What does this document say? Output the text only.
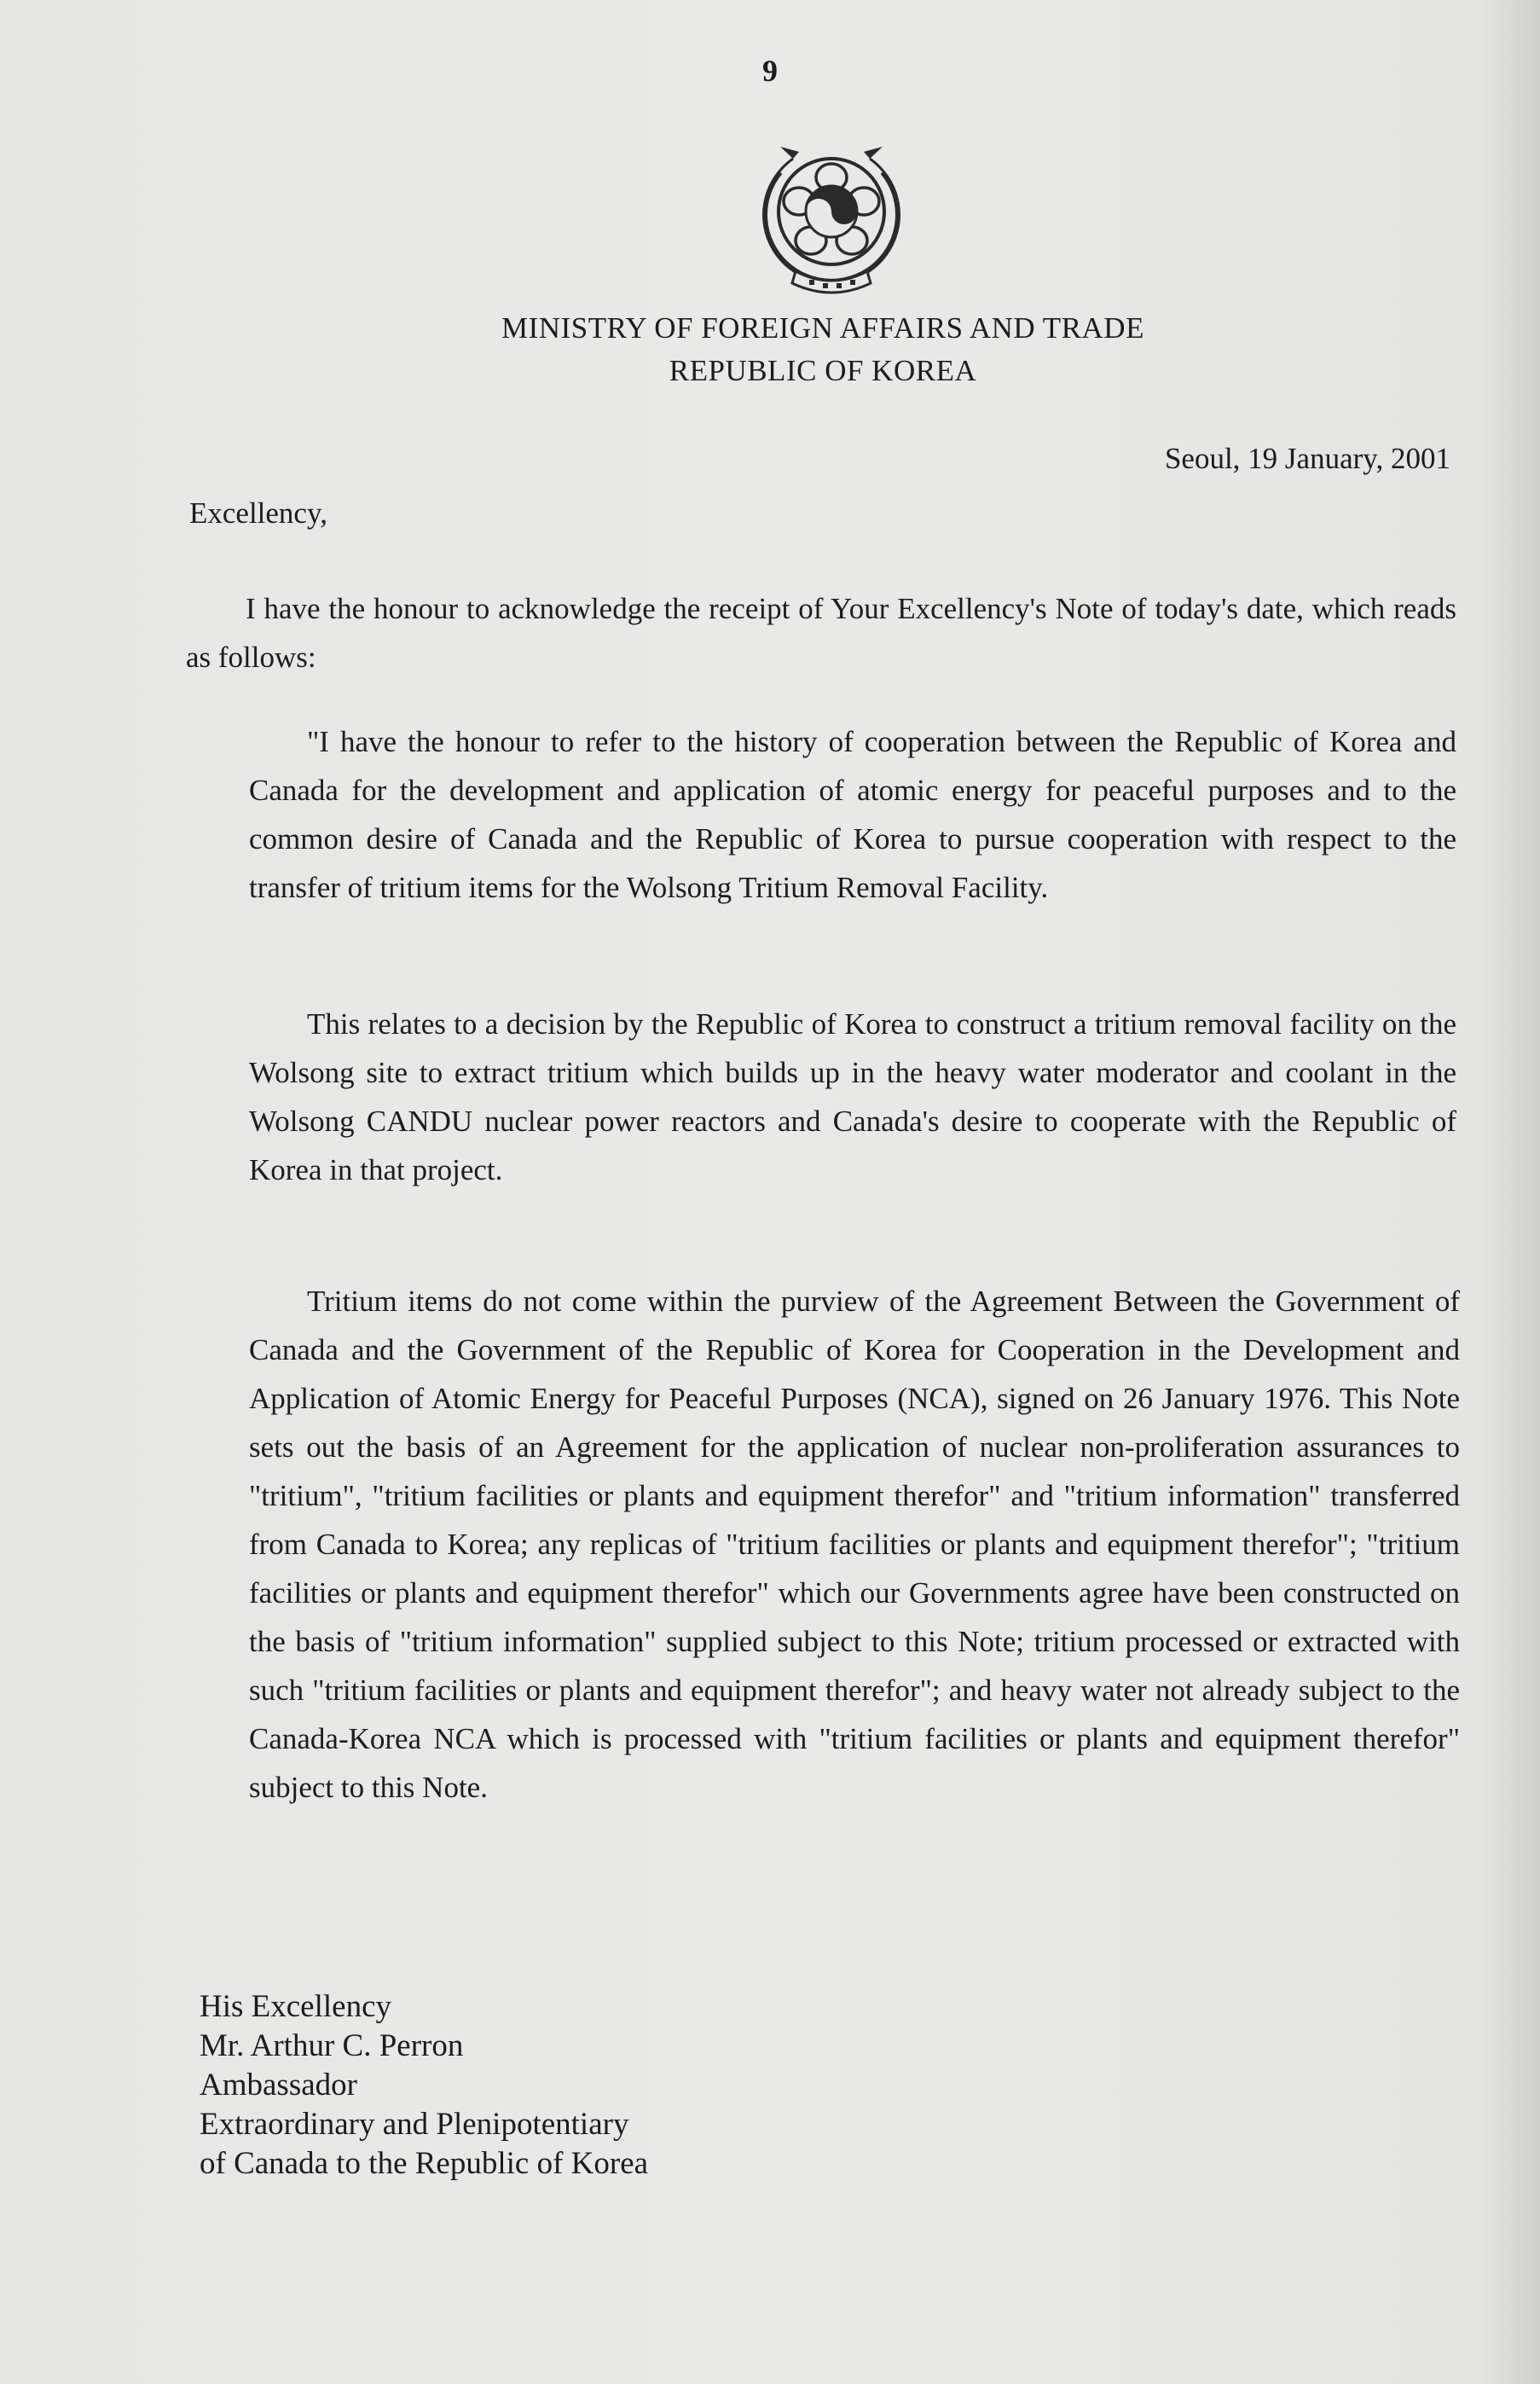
9
MINISTRY OF FOREIGN AFFAIRS AND TRADE
REPUBLIC OF KOREA
Seoul, 19 January, 2001
Excellency,

I have the honour to acknowledge the receipt of Your Excellency's Note of today's date, which reads as follows:

"I have the honour to refer to the history of cooperation between the Republic of Korea and Canada for the development and application of atomic energy for peaceful purposes and to the common desire of Canada and the Republic of Korea to pursue cooperation with respect to the transfer of tritium items for the Wolsong Tritium Removal Facility.

This relates to a decision by the Republic of Korea to construct a tritium removal facility on the Wolsong site to extract tritium which builds up in the heavy water moderator and coolant in the Wolsong CANDU nuclear power reactors and Canada's desire to cooperate with the Republic of Korea in that project.

Tritium items do not come within the purview of the Agreement Between the Government of Canada and the Government of the Republic of Korea for Cooperation in the Development and Application of Atomic Energy for Peaceful Purposes (NCA), signed on 26 January 1976. This Note sets out the basis of an Agreement for the application of nuclear non-proliferation assurances to "tritium", "tritium facilities or plants and equipment therefor" and "tritium information" transferred from Canada to Korea; any replicas of "tritium facilities or plants and equipment therefor"; "tritium facilities or plants and equipment therefor" which our Governments agree have been constructed on the basis of "tritium information" supplied subject to this Note; tritium processed or extracted with such "tritium facilities or plants and equipment therefor"; and heavy water not already subject to the Canada-Korea NCA which is processed with "tritium facilities or plants and equipment therefor" subject to this Note.

His Excellency
Mr. Arthur C. Perron
Ambassador
Extraordinary and Plenipotentiary
of Canada to the Republic of Korea
